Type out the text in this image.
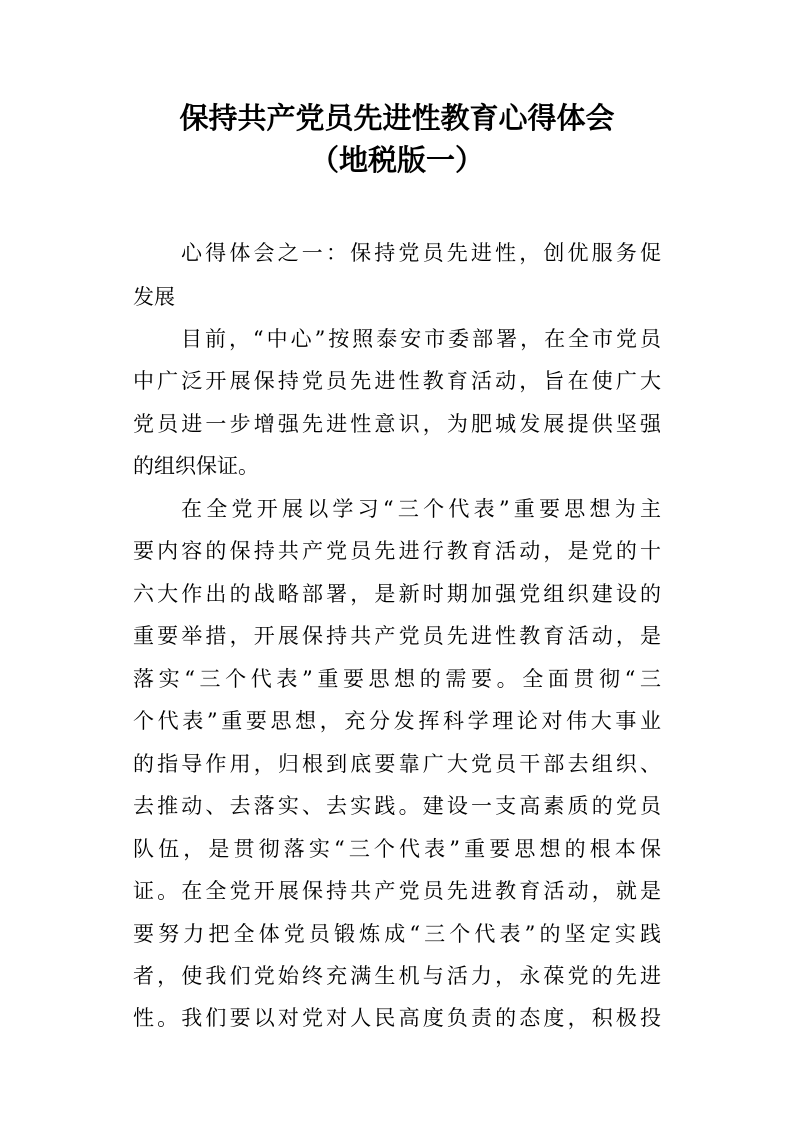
保持共产党员先进性教育心得体会
（地税版一）
心得体会之一：保持党员先进性，创优服务促
发展
目前，“中心”按照泰安市委部署，在全市党员
中广泛开展保持党员先进性教育活动，旨在使广大
党员进一步增强先进性意识，为肥城发展提供坚强
的组织保证。
在全党开展以学习“三个代表”重要思想为主
要内容的保持共产党员先进行教育活动，是党的十
六大作出的战略部署，是新时期加强党组织建设的
重要举措，开展保持共产党员先进性教育活动，是
落实“三个代表”重要思想的需要。全面贯彻“三
个代表”重要思想，充分发挥科学理论对伟大事业
的指导作用，归根到底要靠广大党员干部去组织、
去推动、去落实、去实践。建设一支高素质的党员
队伍，是贯彻落实“三个代表”重要思想的根本保
证。在全党开展保持共产党员先进教育活动，就是
要努力把全体党员锻炼成“三个代表”的坚定实践
者，使我们党始终充满生机与活力，永葆党的先进
性。我们要以对党对人民高度负责的态度，积极投
